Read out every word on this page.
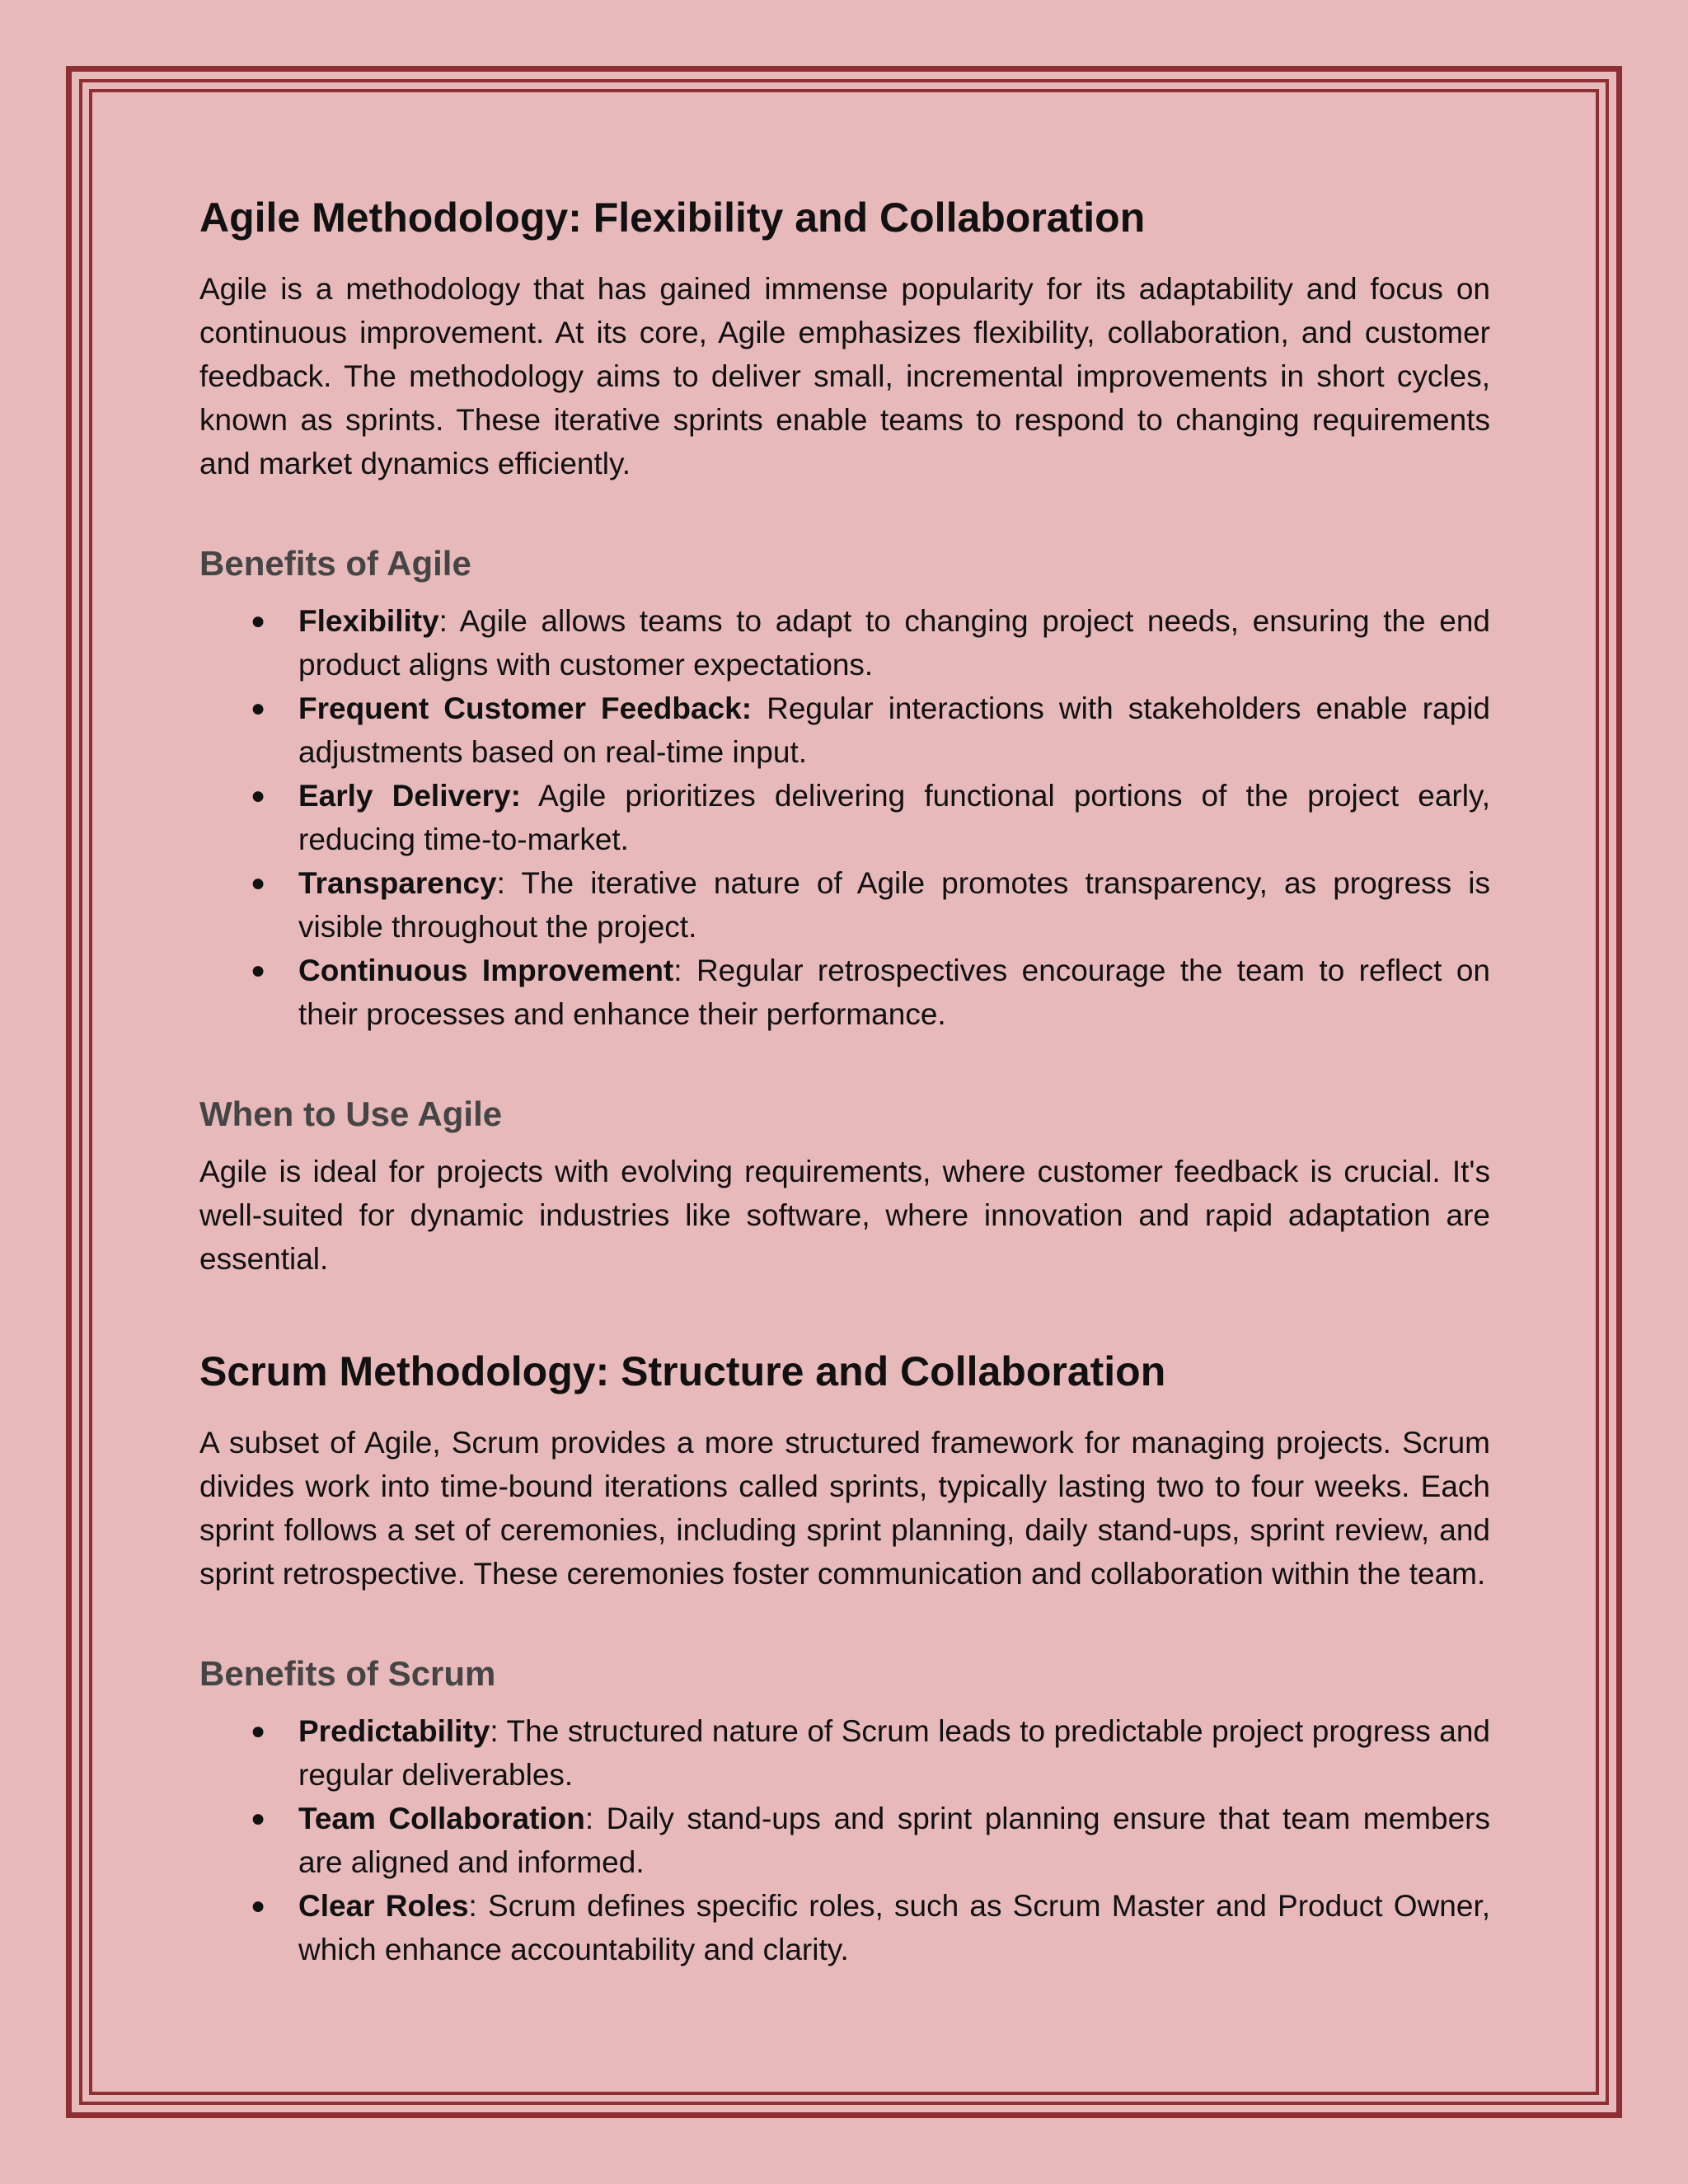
Agile Methodology: Flexibility and Collaboration

Agile is a methodology that has gained immense popularity for its adaptability and focus on continuous improvement. At its core, Agile emphasizes flexibility, collaboration, and customer feedback. The methodology aims to deliver small, incremental improvements in short cycles, known as sprints. These iterative sprints enable teams to respond to changing requirements and market dynamics efficiently.

Benefits of Agile
● Flexibility: Agile allows teams to adapt to changing project needs, ensuring the end product aligns with customer expectations.
● Frequent Customer Feedback: Regular interactions with stakeholders enable rapid adjustments based on real-time input.
● Early Delivery: Agile prioritizes delivering functional portions of the project early, reducing time-to-market.
● Transparency: The iterative nature of Agile promotes transparency, as progress is visible throughout the project.
● Continuous Improvement: Regular retrospectives encourage the team to reflect on their processes and enhance their performance.
When to Use Agile

Agile is ideal for projects with evolving requirements, where customer feedback is crucial. It's well-suited for dynamic industries like software, where innovation and rapid adaptation are essential.

Scrum Methodology: Structure and Collaboration

A subset of Agile, Scrum provides a more structured framework for managing projects. Scrum divides work into time-bound iterations called sprints, typically lasting two to four weeks. Each sprint follows a set of ceremonies, including sprint planning, daily stand-ups, sprint review, and sprint retrospective. These ceremonies foster communication and collaboration within the team.

Benefits of Scrum
● Predictability: The structured nature of Scrum leads to predictable project progress and regular deliverables.
● Team Collaboration: Daily stand-ups and sprint planning ensure that team members are aligned and informed.
● Clear Roles: Scrum defines specific roles, such as Scrum Master and Product Owner, which enhance accountability and clarity.
